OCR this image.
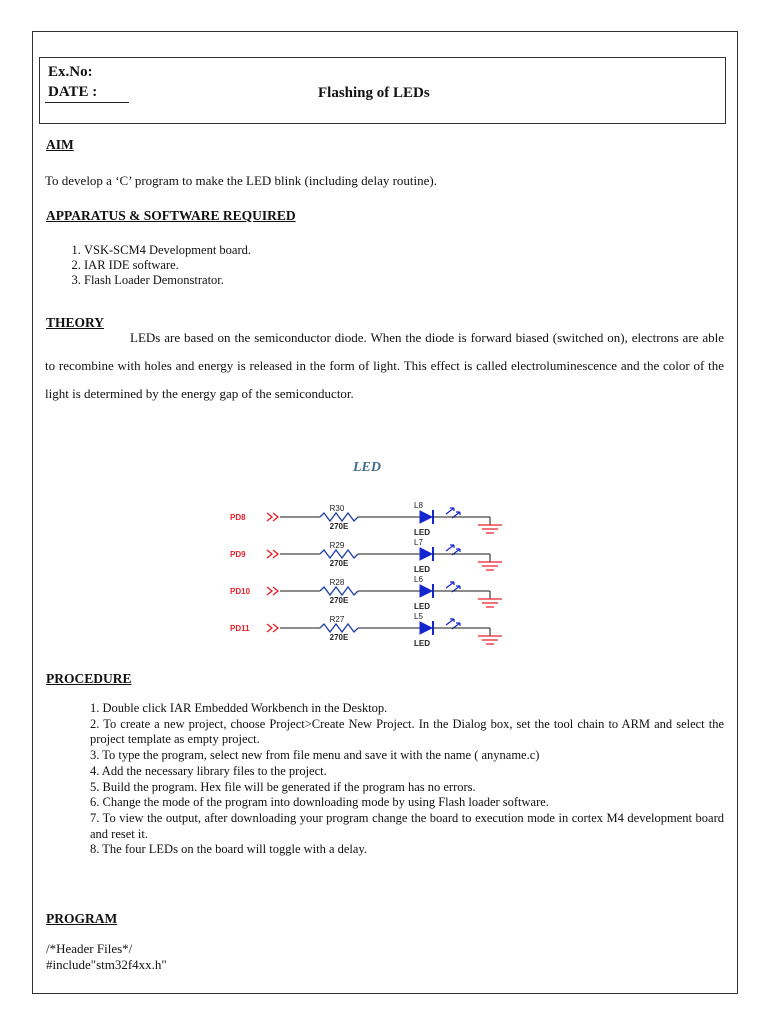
Ex.No:
DATE :	Flashing of LEDs
AIM
To develop a ‘C’ program to make the LED blink (including delay routine).
APPARATUS & SOFTWARE REQUIRED
1. VSK-SCM4 Development board.
2. IAR IDE software.
3. Flash Loader Demonstrator.
THEORY
LEDs are based on the semiconductor diode. When the diode is forward biased (switched on), electrons are able to recombine with holes and energy is released in the form of light. This effect is called electroluminescence and the color of the light is determined by the energy gap of the semiconductor.
LED
PD8
R30
270E
L8
LED
PD9
R29
270E
L7
LED
PD10
R28
270E
L6
LED
PD11
R27
270E
L5
LED
PROCEDURE
1. Double click IAR Embedded Workbench in the Desktop.
2. To create a new project, choose Project>Create New Project. In the Dialog box, set the tool chain to ARM and select the project template as empty project.
3. To type the program, select new from file menu and save it with the name ( anyname.c)
4. Add the necessary library files to the project.
5. Build the program. Hex file will be generated if the program has no errors.
6. Change the mode of the program into downloading mode by using Flash loader software.
7. To view the output, after downloading your program change the board to execution mode in cortex M4 development board and reset it.
8. The four LEDs on the board will toggle with a delay.
PROGRAM
/*Header Files*/
#include"stm32f4xx.h"
